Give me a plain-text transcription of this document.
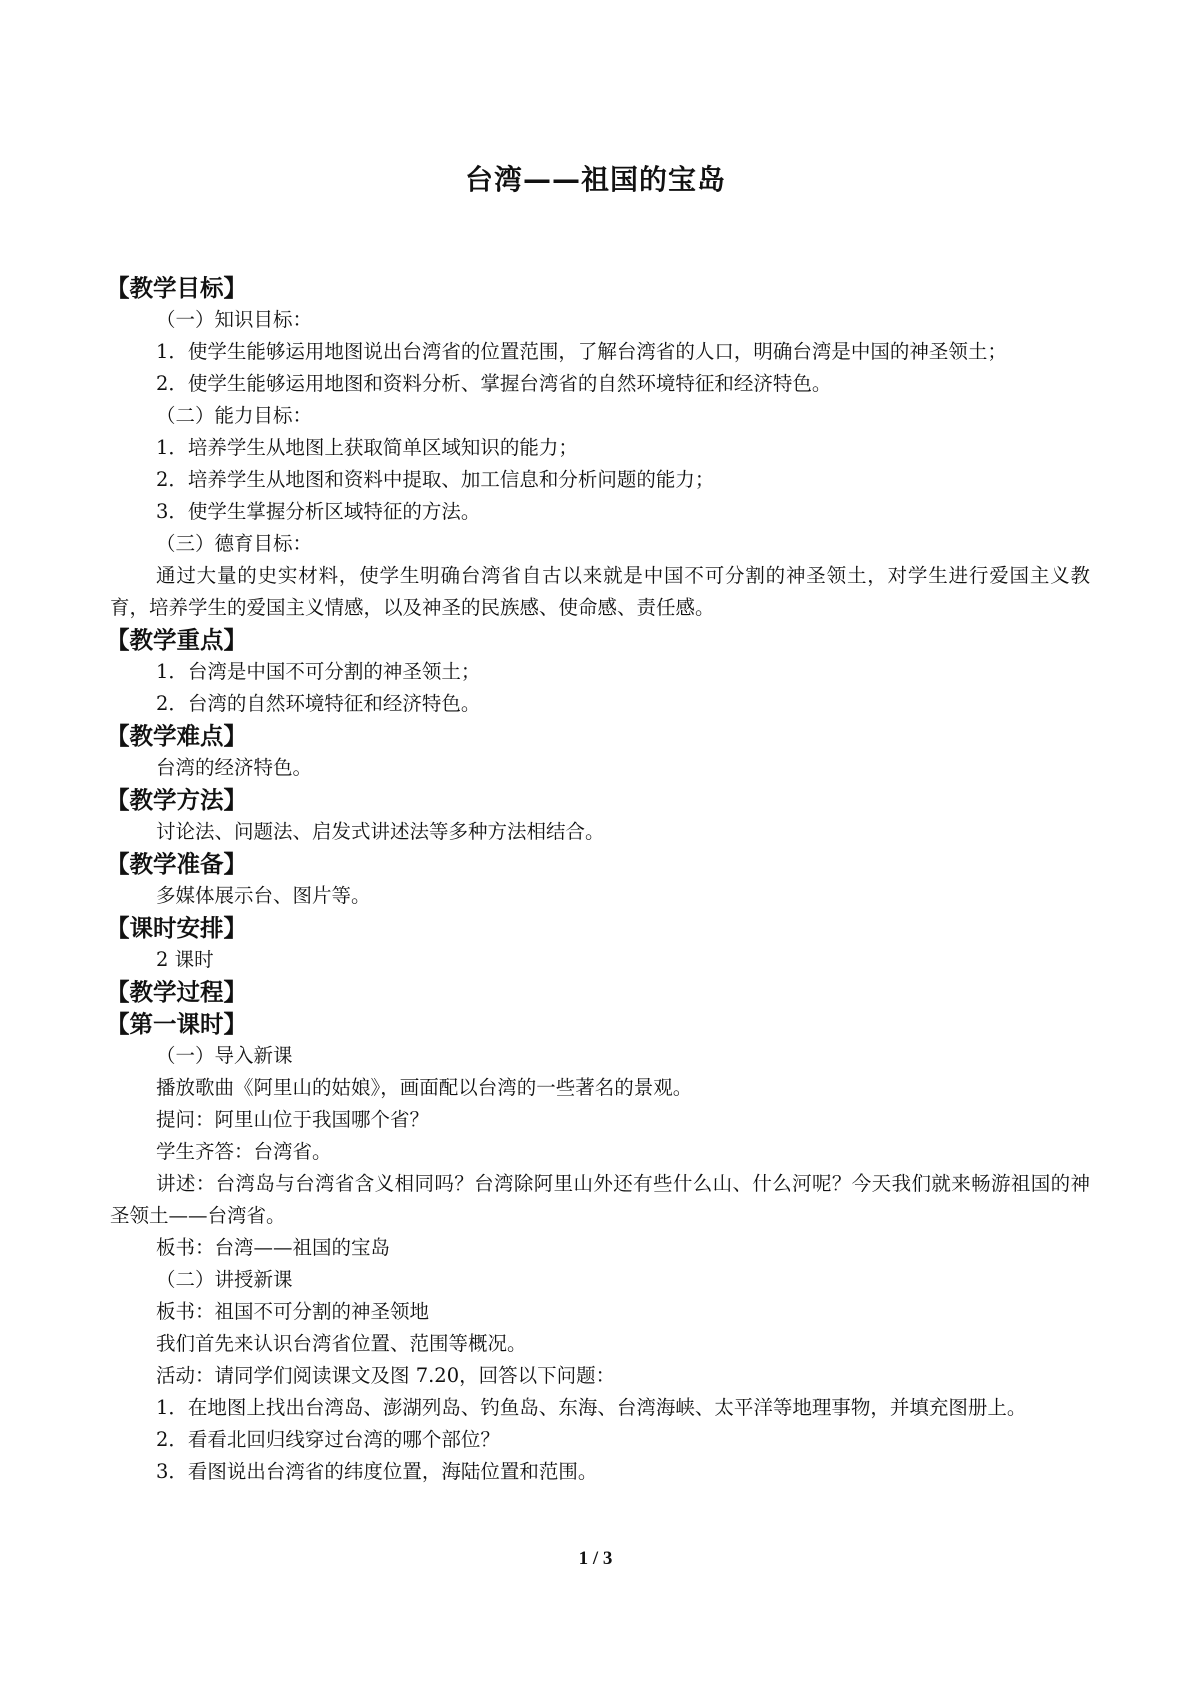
台湾——祖国的宝岛
【教学目标】
（一）知识目标：
1．使学生能够运用地图说出台湾省的位置范围，了解台湾省的人口，明确台湾是中国的神圣领土；
2．使学生能够运用地图和资料分析、掌握台湾省的自然环境特征和经济特色。
（二）能力目标：
1．培养学生从地图上获取简单区域知识的能力；
2．培养学生从地图和资料中提取、加工信息和分析问题的能力；
3．使学生掌握分析区域特征的方法。
（三）德育目标：
通过大量的史实材料，使学生明确台湾省自古以来就是中国不可分割的神圣领土，对学生进行爱国主义教育，培养学生的爱国主义情感，以及神圣的民族感、使命感、责任感。
【教学重点】
1．台湾是中国不可分割的神圣领土；
2．台湾的自然环境特征和经济特色。
【教学难点】
台湾的经济特色。
【教学方法】
讨论法、问题法、启发式讲述法等多种方法相结合。
【教学准备】
多媒体展示台、图片等。
【课时安排】
2 课时
【教学过程】
【第一课时】
（一）导入新课
播放歌曲《阿里山的姑娘》，画面配以台湾的一些著名的景观。
提问：阿里山位于我国哪个省？
学生齐答：台湾省。
讲述：台湾岛与台湾省含义相同吗？台湾除阿里山外还有些什么山、什么河呢？今天我们就来畅游祖国的神圣领土——台湾省。
板书：台湾——祖国的宝岛
（二）讲授新课
板书：祖国不可分割的神圣领地
我们首先来认识台湾省位置、范围等概况。
活动：请同学们阅读课文及图 7.20，回答以下问题：
1．在地图上找出台湾岛、澎湖列岛、钓鱼岛、东海、台湾海峡、太平洋等地理事物，并填充图册上。
2．看看北回归线穿过台湾的哪个部位？
3．看图说出台湾省的纬度位置，海陆位置和范围。
1 / 3
